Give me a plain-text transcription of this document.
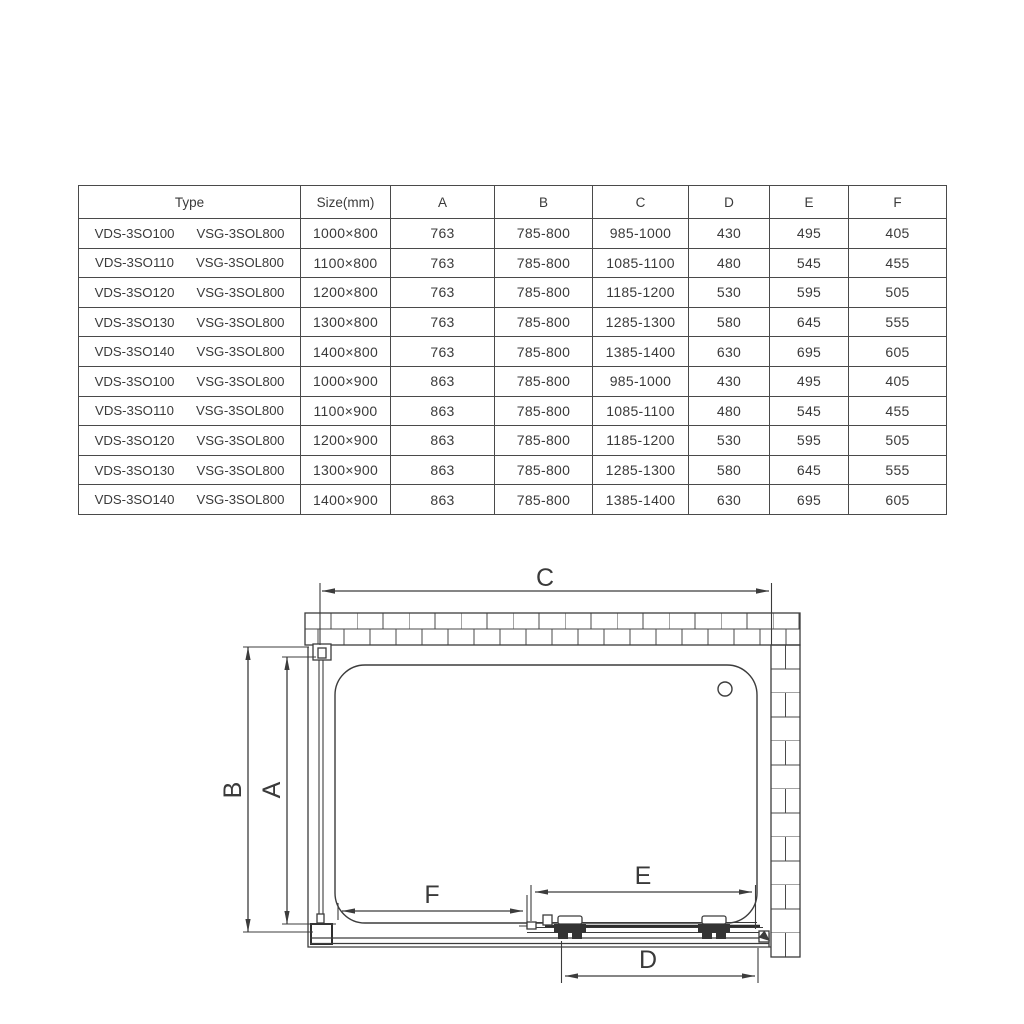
Type	Size(mm)	A	B	C	D	E	F

VDS-3SO100 VSG-3SOL800	1000×800	763	785-800	985-1000	430	495	405

VDS-3SO110 VSG-3SOL800	1100×800	763	785-800	1085-1100	480	545	455

VDS-3SO120 VSG-3SOL800	1200×800	763	785-800	1185-1200	530	595	505

VDS-3SO130 VSG-3SOL800	1300×800	763	785-800	1285-1300	580	645	555

VDS-3SO140 VSG-3SOL800	1400×800	763	785-800	1385-1400	630	695	605

VDS-3SO100 VSG-3SOL800	1000×900	863	785-800	985-1000	430	495	405

VDS-3SO110 VSG-3SOL800	1100×900	863	785-800	1085-1100	480	545	455

VDS-3SO120 VSG-3SOL800	1200×900	863	785-800	1185-1200	530	595	505

VDS-3SO130 VSG-3SOL800	1300×900	863	785-800	1285-1300	580	645	555

VDS-3SO140 VSG-3SOL800	1400×900	863	785-800	1385-1400	630	695	605
C
B A
F
E
D
